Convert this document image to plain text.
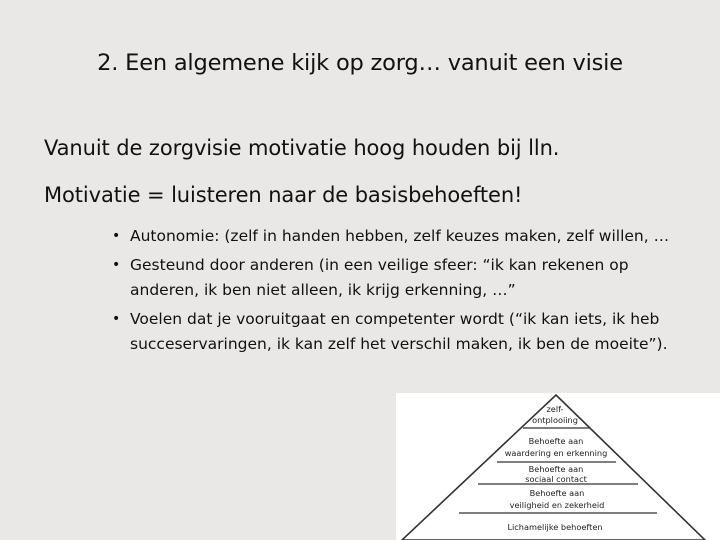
2. Een algemene kijk op zorg… vanuit een visie
Vanuit de zorgvisie motivatie hoog houden bij lln.
Motivatie = luisteren naar de basisbehoeften!
• Autonomie: (zelf in handen hebben, zelf keuzes maken, zelf willen, …
• Gesteund door anderen (in een veilige sfeer: “ik kan rekenen op anderen, ik ben niet alleen, ik krijg erkenning, …”
• Voelen dat je vooruitgaat en competenter wordt (“ik kan iets, ik heb succeservaringen, ik kan zelf het verschil maken, ik ben de moeite”).
zelf-
ontplooiing
Behoefte aan
waardering en erkenning
Behoefte aan
sociaal contact
Behoefte aan
veiligheid en zekerheid
Lichamelijke behoeften
